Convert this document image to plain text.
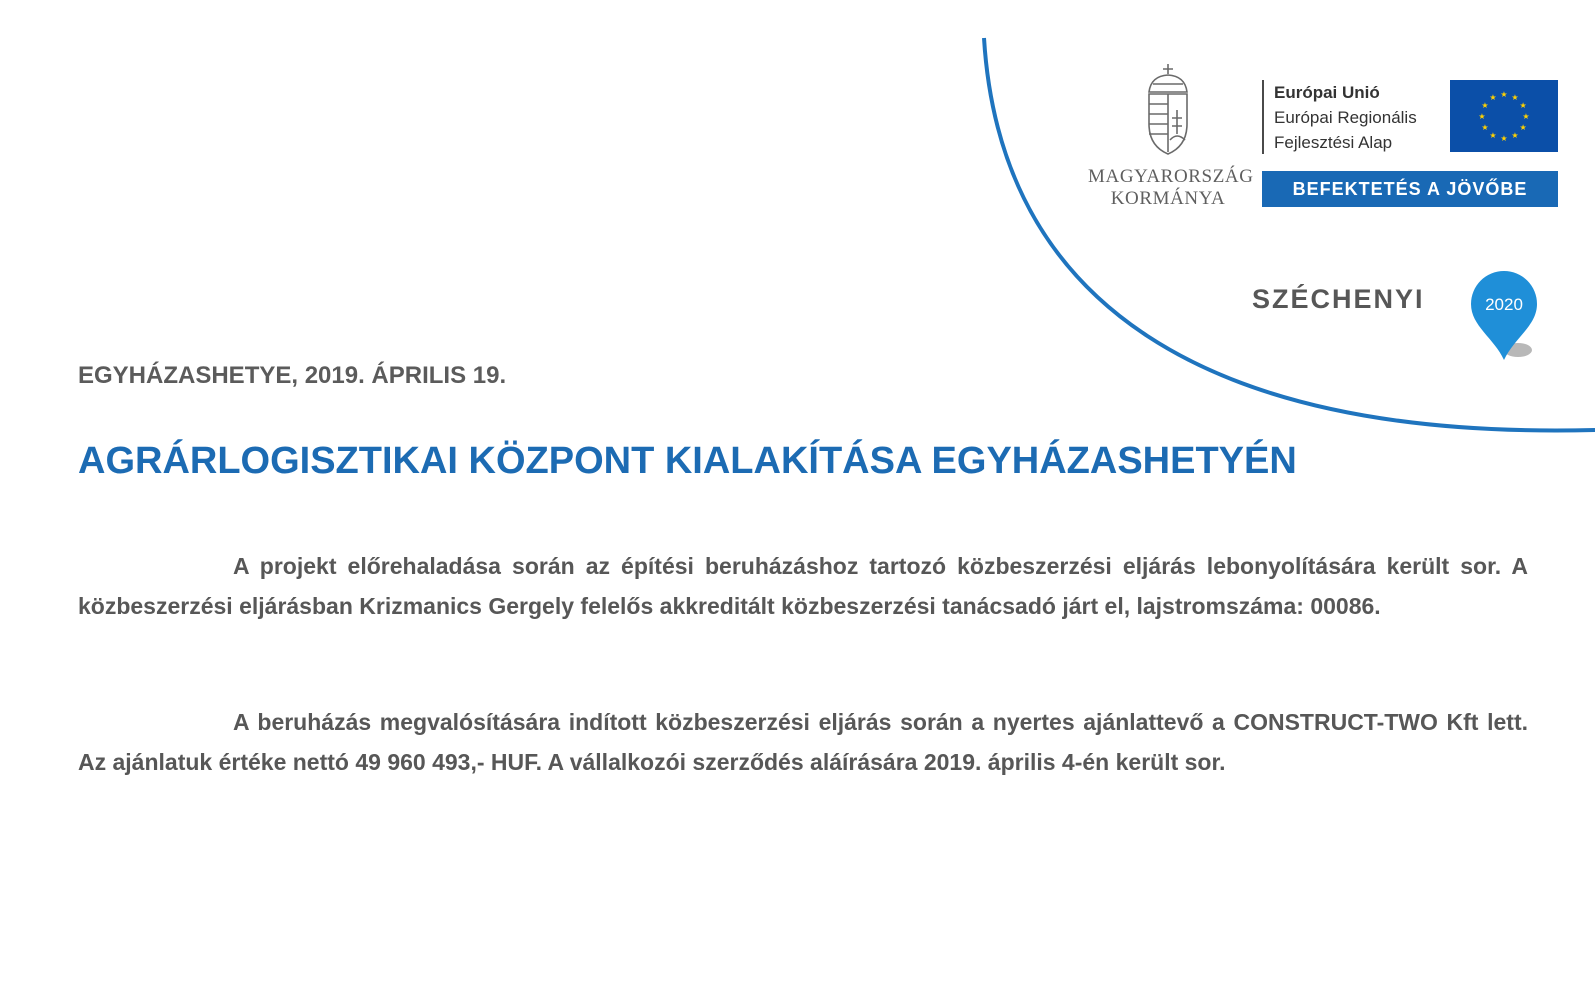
MAGYARORSZÁG
KORMÁNYA
Európai Unió
Európai Regionális
Fejlesztési Alap
★ ★
★
★
★
★
★
★
★
★
★
★
BEFEKTETÉS A JÖVŐBE
SZÉCHENYI	2020
EGYHÁZASHETYE, 2019. ÁPRILIS 19.
AGRÁRLOGISZTIKAI KÖZPONT KIALAKÍTÁSA EGYHÁZASHETYÉN

A projekt előrehaladása során az építési beruházáshoz tartozó közbeszerzési eljárás lebonyolítására került sor. A közbeszerzési eljárásban Krizmanics Gergely felelős akkreditált közbeszerzési tanácsadó járt el, lajstromszáma: 00086.

A beruházás megvalósítására indított közbeszerzési eljárás során a nyertes ajánlattevő a CONSTRUCT-TWO Kft lett. Az ajánlatuk értéke nettó 49 960 493,- HUF. A vállalkozói szerződés aláírására 2019. április 4-én került sor.
